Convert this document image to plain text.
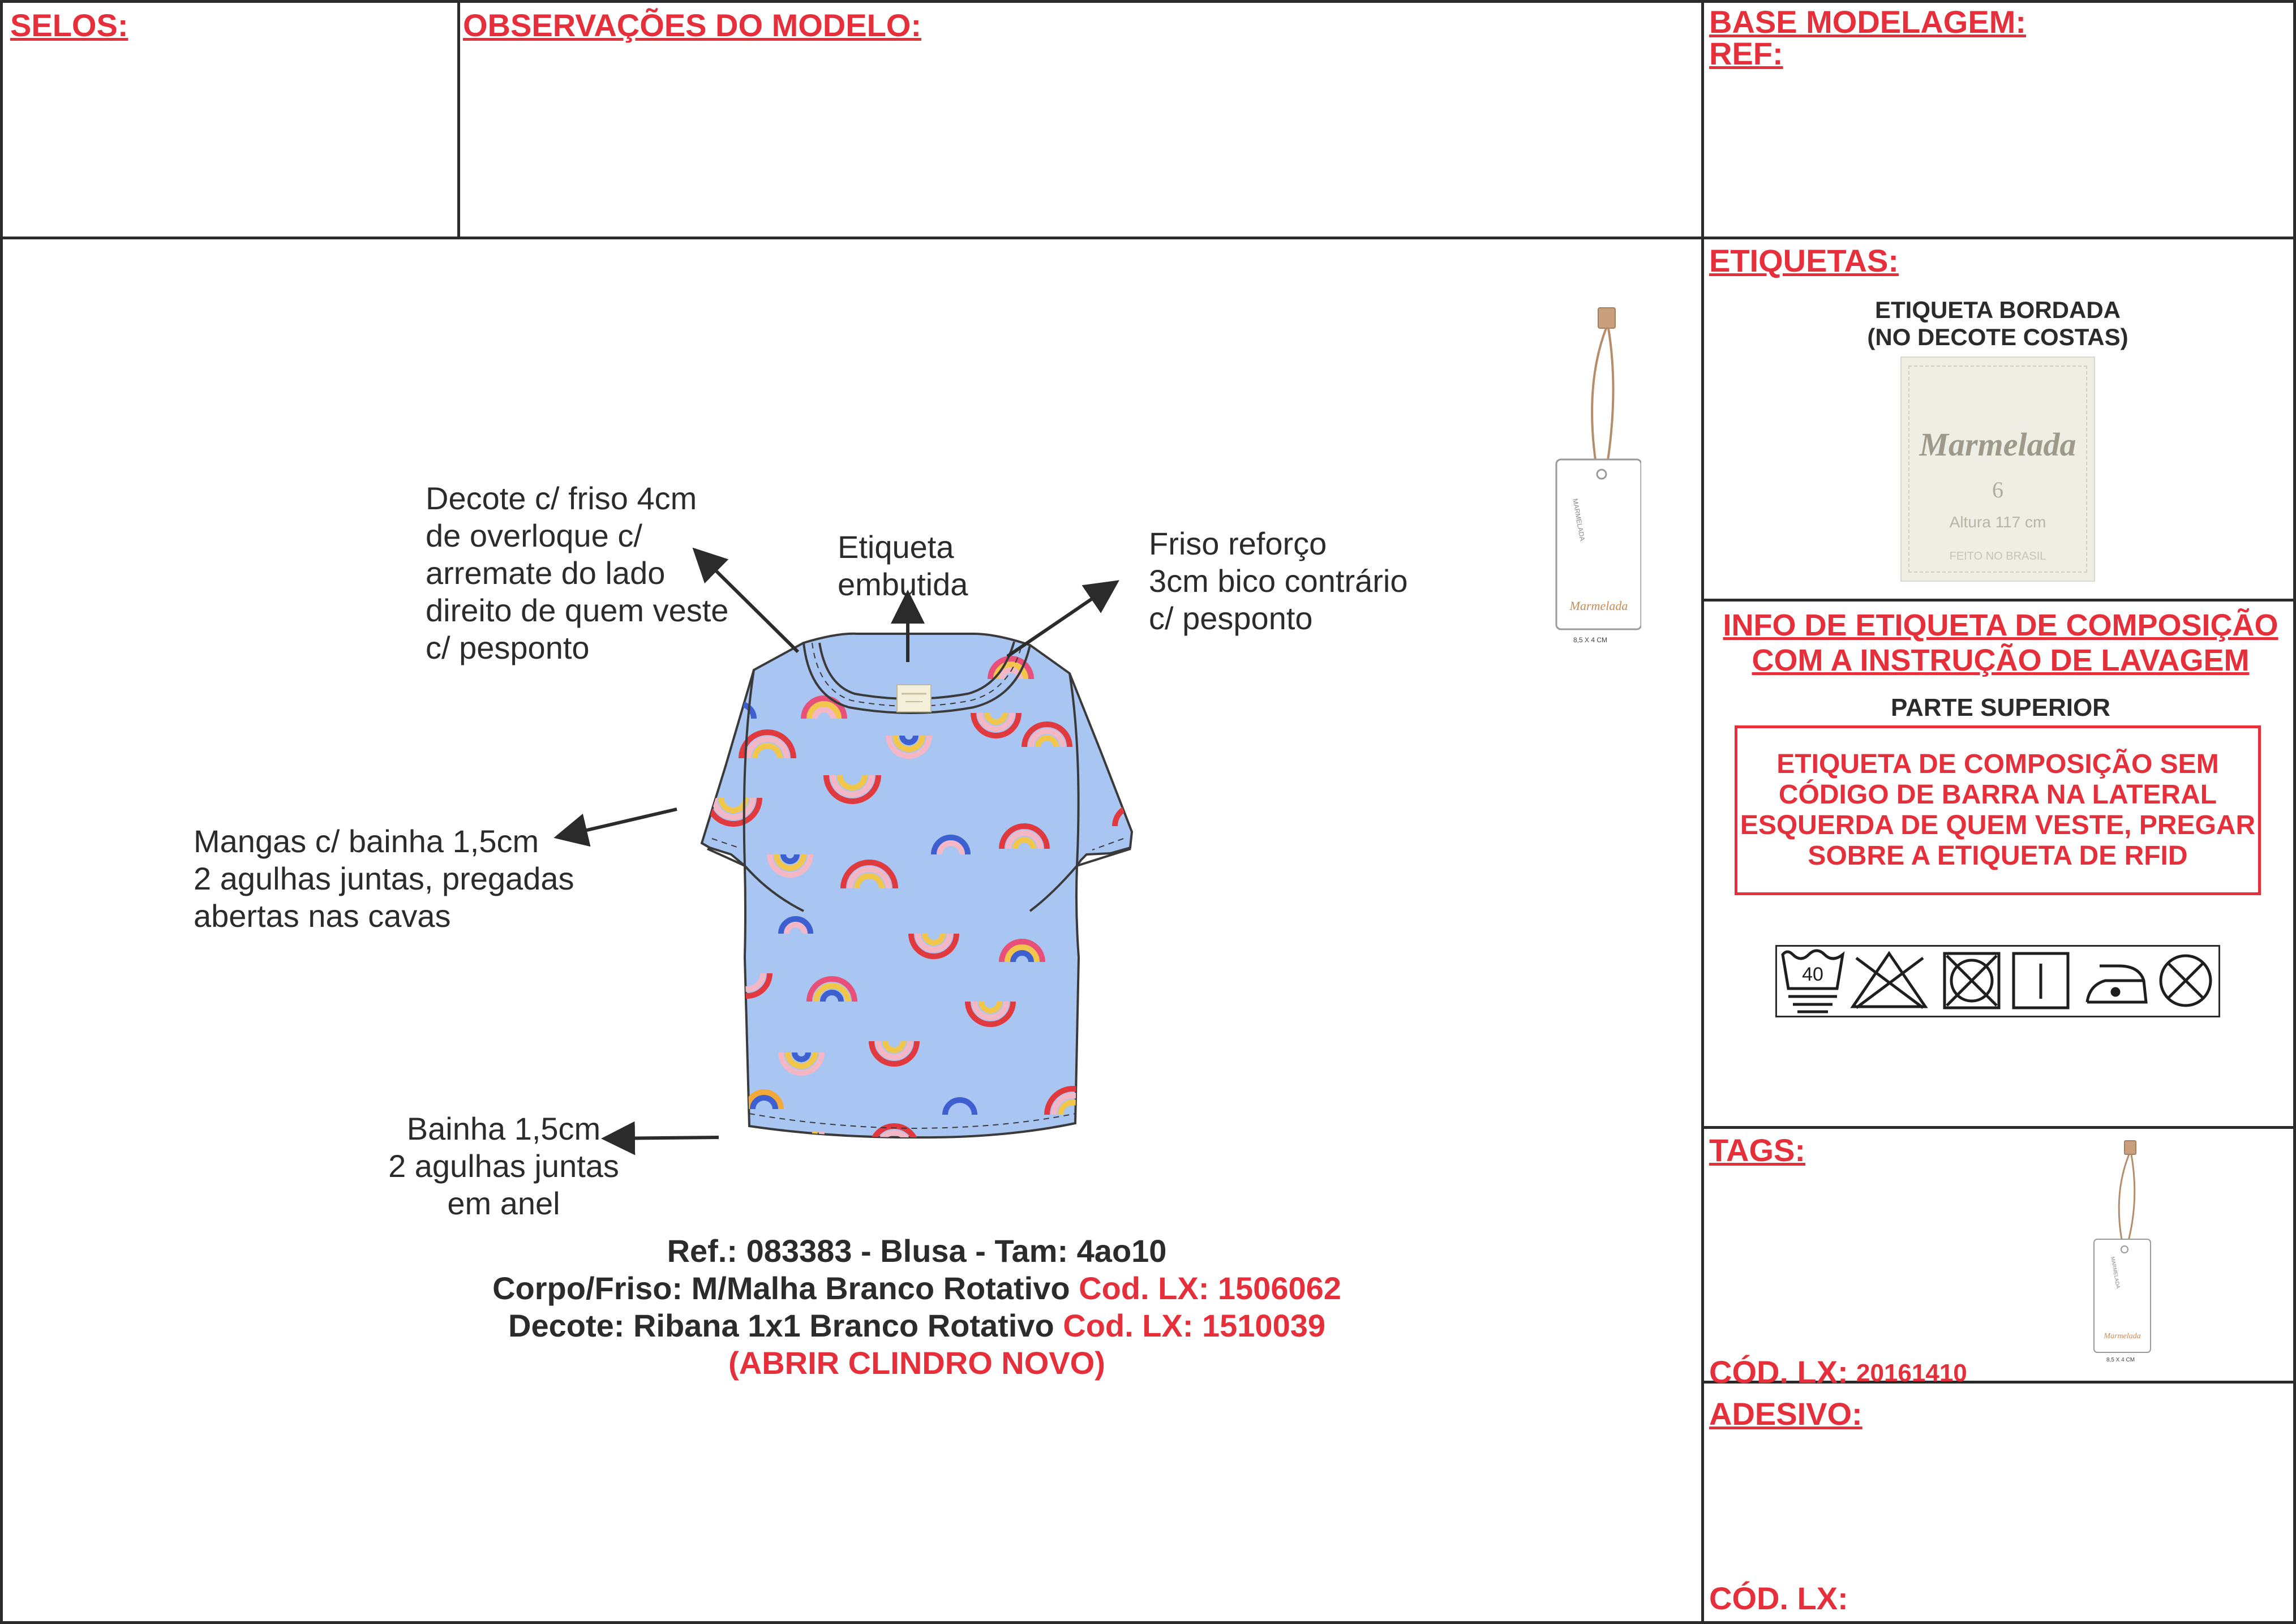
SELOS:	OBSERVAÇÕES DO MODELO:	BASE MODELAGEM:
REF:
ETIQUETAS:
TAGS:
ADESIVO:
CÓD. LX: 20161410
CÓD. LX:
ETIQUETA BORDADA
(NO DECOTE COSTAS)
Marmelada
6
Altura 117 cm
FEITO NO BRASIL
INFO DE ETIQUETA DE COMPOSIÇÃO
COM A INSTRUÇÃO DE LAVAGEM
PARTE SUPERIOR
ETIQUETA DE COMPOSIÇÃO SEM
CÓDIGO DE BARRA NA LATERAL
ESQUERDA DE QUEM VESTE, PREGAR
SOBRE A ETIQUETA DE RFID
40
Marmelada
MARMELADA
8,5 X 4 CM
Marmelada
MARMELADA
8,5 X 4 CM
Decote c/ friso 4cm
de overloque c/
arremate do lado
direito de quem veste
c/ pesponto
Etiqueta
embutida
Friso reforço
3cm bico contrário
c/ pesponto
Mangas c/ bainha 1,5cm
2 agulhas juntas, pregadas
abertas nas cavas
Bainha 1,5cm
2 agulhas juntas
em anel
Ref.: 083383 - Blusa - Tam: 4ao10
Corpo/Friso: M/Malha Branco Rotativo Cod. LX: 1506062
Decote: Ribana 1x1 Branco Rotativo Cod. LX: 1510039
(ABRIR CLINDRO NOVO)
